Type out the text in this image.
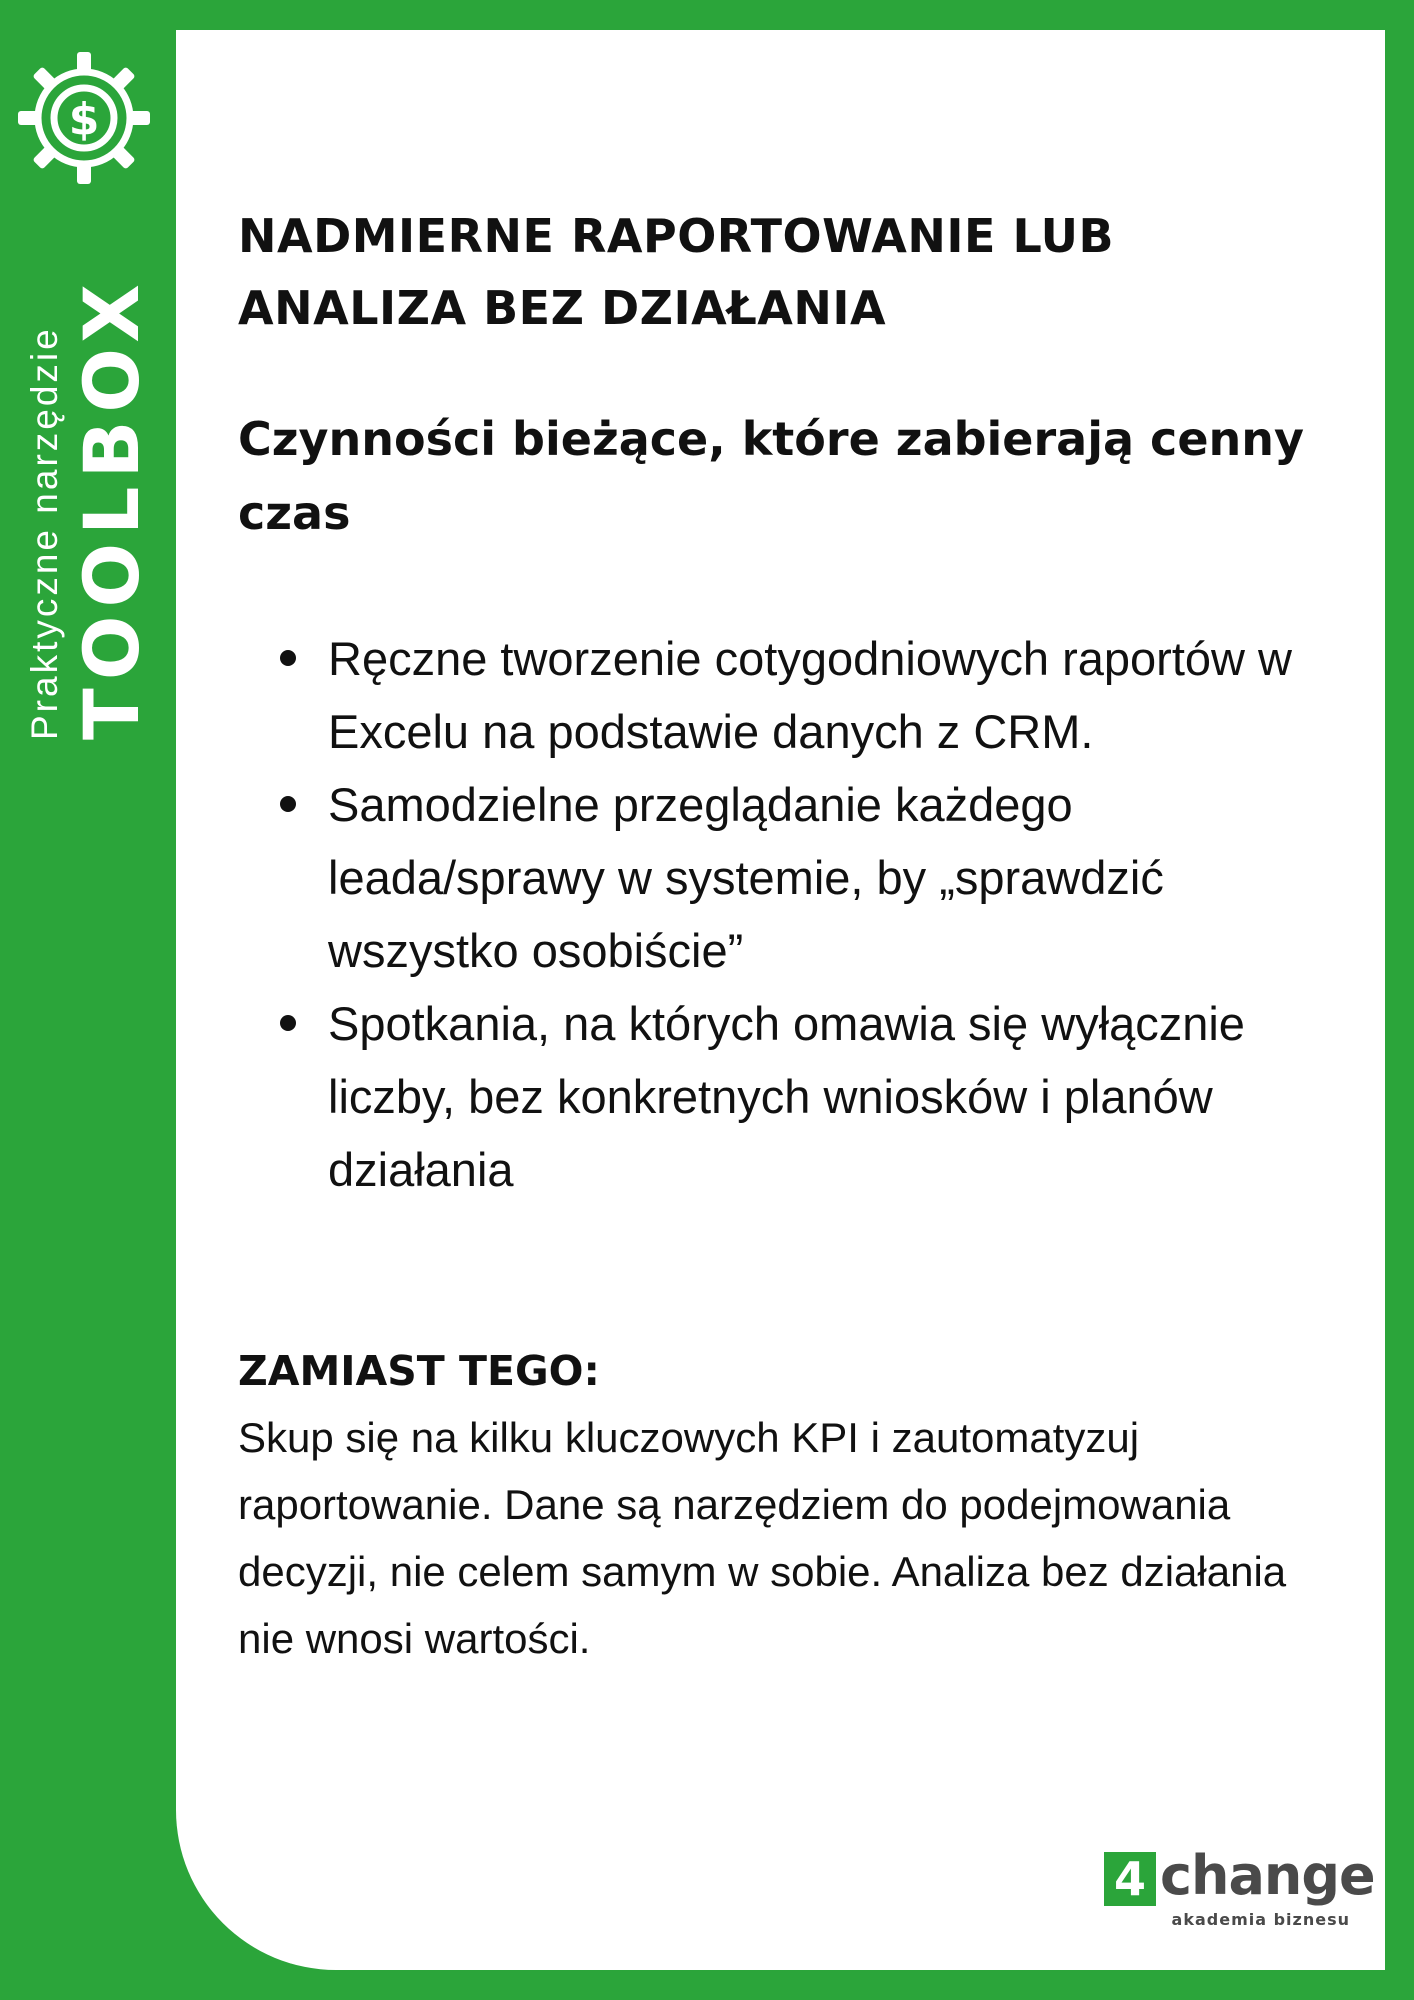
$
Praktyczne narzędzie TOOLBOX
NADMIERNE RAPORTOWANIE LUB
ANALIZA BEZ DZIAŁANIA
Czynności bieżące, które zabierają cenny czas
Ręczne tworzenie cotygodniowych raportów w Excelu na podstawie danych z CRM.
Samodzielne przeglądanie każdego leada/sprawy w systemie, by „sprawdzić wszystko osobiście”
Spotkania, na których omawia się wyłącznie liczby, bez konkretnych wniosków i planów działania
ZAMIAST TEGO:

Skup się na kilku kluczowych KPI i zautomatyzuj raportowanie. Dane są narzędziem do podejmowania decyzji, nie celem samym w sobie. Analiza bez działania nie wnosi wartości.

4 change
akademia biznesu
